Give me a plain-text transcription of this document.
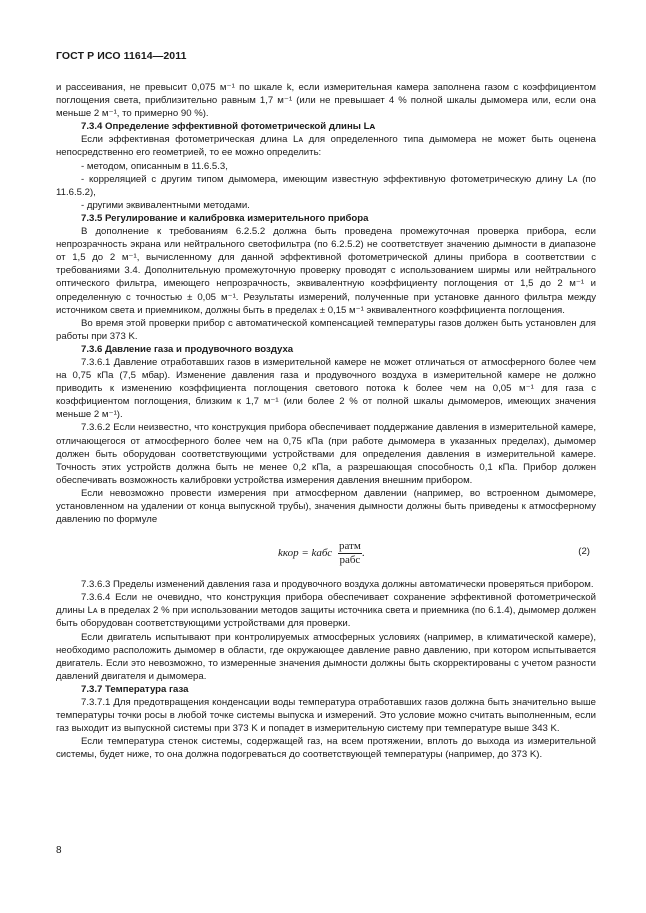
ГОСТ Р ИСО 11614—2011

и рассеивания, не превысит 0,075 м⁻¹ по шкале k, если измерительная камера заполнена газом с коэффициентом поглощения света, приблизительно равным 1,7 м⁻¹ (или не превышает 4 % полной шкалы дымомера или, если она меньше 2 м⁻¹, то примерно 90 %).

7.3.4 Определение эффективной фотометрической длины Lᴀ

Если эффективная фотометрическая длина Lᴀ для определенного типа дымомера не может быть оценена непосредственно его геометрией, то ее можно определить:

- методом, описанным в 11.6.5.3,

- корреляцией с другим типом дымомера, имеющим известную эффективную фотометрическую длину Lᴀ (по 11.6.5.2),

- другими эквивалентными методами.

7.3.5 Регулирование и калибровка измерительного прибора

В дополнение к требованиям 6.2.5.2 должна быть проведена промежуточная проверка прибора, если непрозрачность экрана или нейтрального светофильтра (по 6.2.5.2) не соответствует значению дымности в диапазоне от 1,5 до 2 м⁻¹, вычисленному для данной эффективной фотометрической длины прибора в соответствии с требованиями 3.4. Дополнительную промежуточную проверку проводят с использованием ширмы или нейтрального оптического фильтра, имеющего непрозрачность, эквивалентную коэффициенту поглощения от 1,5 до 2 м⁻¹ и определенную с точностью ± 0,05 м⁻¹. Результаты измерений, полученные при установке данного фильтра между источником света и приемником, должны быть в пределах ± 0,15 м⁻¹ эквивалентного коэффициента поглощения.

Во время этой проверки прибор с автоматической компенсацией температуры газов должен быть установлен для работы при 373 K.

7.3.6 Давление газа и продувочного воздуха

7.3.6.1 Давление отработавших газов в измерительной камере не может отличаться от атмосферного более чем на 0,75 кПа (7,5 мбар). Изменение давления газа и продувочного воздуха в измерительной камере не должно приводить к изменению коэффициента поглощения светового потока k более чем на 0,05 м⁻¹ для газа с коэффициентом поглощения, близким к 1,7 м⁻¹ (или более 2 % от полной шкалы дымомеров, имеющих значения меньше 2 м⁻¹).

7.3.6.2 Если неизвестно, что конструкция прибора обеспечивает поддержание давления в измерительной камере, отличающегося от атмосферного более чем на 0,75 кПа (при работе дымомера в указанных пределах), дымомер должен быть оборудован соответствующими устройствами для определения давления в измерительной камере. Точность этих устройств должна быть не менее 0,2 кПа, а разрешающая способность 0,1 кПа. Прибор должен обеспечивать возможность калибровки устройства измерения давления внешним прибором.

Если невозможно провести измерения при атмосферном давлении (например, во встроенном дымомере, установленном на удалении от конца выпускной трубы), значения дымности должны быть приведены к атмосферному давлению по формуле

kкор = kабс $\frac{\text{pатм}}{\text{pабс}}$ .	(2)

7.3.6.3 Пределы изменений давления газа и продувочного воздуха должны автоматически проверяться прибором.

7.3.6.4 Если не очевидно, что конструкция прибора обеспечивает сохранение эффективной фотометрической длины Lᴀ в пределах 2 % при использовании методов защиты источника света и приемника (по 6.1.4), дымомер должен быть оборудован соответствующими устройствами для проверки.

Если двигатель испытывают при контролируемых атмосферных условиях (например, в климатической камере), необходимо расположить дымомер в области, где окружающее давление равно давлению, при котором испытывается двигатель. Если это невозможно, то измеренные значения дымности должны быть скорректированы с учетом разности давлений двигателя и дымомера.

7.3.7 Температура газа

7.3.7.1 Для предотвращения конденсации воды температура отработавших газов должна быть значительно выше температуры точки росы в любой точке системы выпуска и измерений. Это условие можно считать выполненным, если газ выходит из выпускной системы при 373 K и попадет в измерительную систему при температуре выше 343 K.

Если температура стенок системы, содержащей газ, на всем протяжении, вплоть до выхода из измерительной системы, будет ниже, то она должна подогреваться до соответствующей температуры (например, до 373 K).

8
